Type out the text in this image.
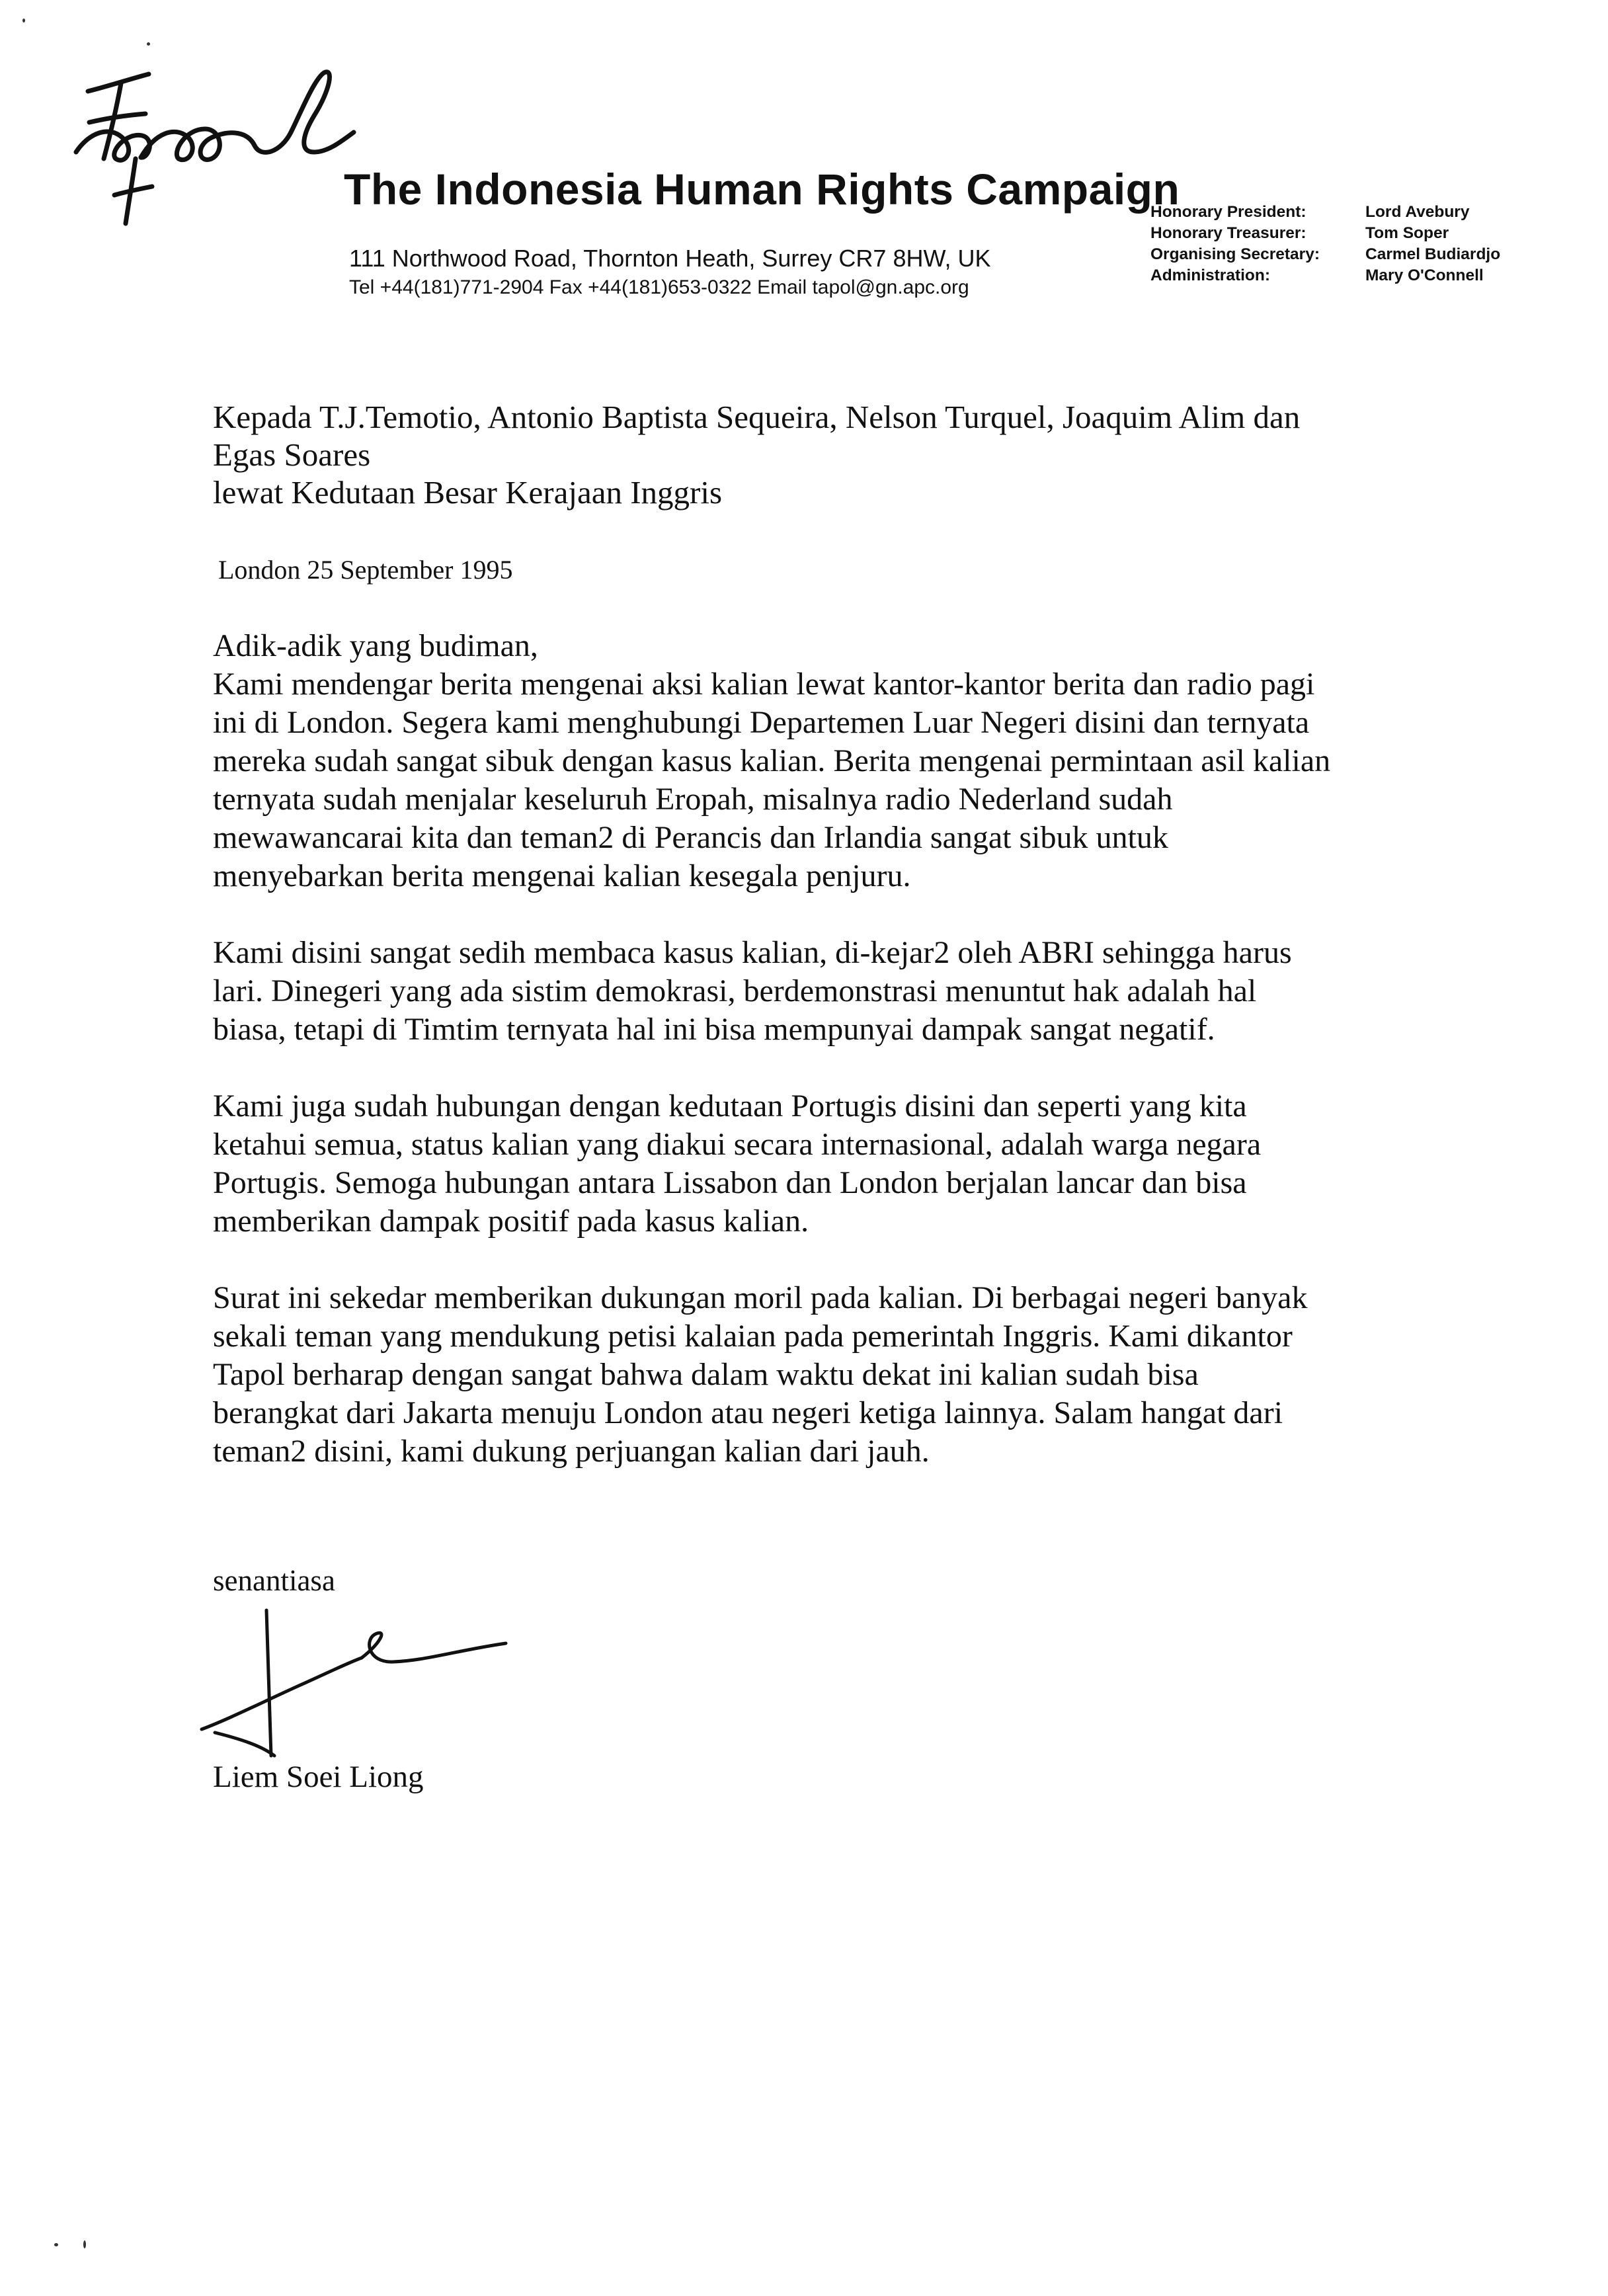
tapol
The Indonesia Human Rights Campaign
111 Northwood Road, Thornton Heath, Surrey CR7 8HW, UK
Tel +44(181)771-2904 Fax +44(181)653-0322 Email tapol@gn.apc.org
Honorary President:	Lord Avebury
Honorary Treasurer:	Tom Soper
Organising Secretary:	Carmel Budiardjo
Administration:	Mary O'Connell
Kepada T.J.Temotio, Antonio Baptista Sequeira, Nelson Turquel, Joaquim Alim dan
Egas Soares
lewat Kedutaan Besar Kerajaan Inggris
London 25 September 1995
Adik-adik yang budiman,
Kami mendengar berita mengenai aksi kalian lewat kantor-kantor berita dan radio pagi
ini di London. Segera kami menghubungi Departemen Luar Negeri disini dan ternyata
mereka sudah sangat sibuk dengan kasus kalian. Berita mengenai permintaan asil kalian
ternyata sudah menjalar keseluruh Eropah, misalnya radio Nederland sudah
mewawancarai kita dan teman2 di Perancis dan Irlandia sangat sibuk untuk
menyebarkan berita mengenai kalian kesegala penjuru.
Kami disini sangat sedih membaca kasus kalian, di-kejar2 oleh ABRI sehingga harus
lari. Dinegeri yang ada sistim demokrasi, berdemonstrasi menuntut hak adalah hal
biasa, tetapi di Timtim ternyata hal ini bisa mempunyai dampak sangat negatif.
Kami juga sudah hubungan dengan kedutaan Portugis disini dan seperti yang kita
ketahui semua, status kalian yang diakui secara internasional, adalah warga negara
Portugis. Semoga hubungan antara Lissabon dan London berjalan lancar dan bisa
memberikan dampak positif pada kasus kalian.
Surat ini sekedar memberikan dukungan moril pada kalian. Di berbagai negeri banyak
sekali teman yang mendukung petisi kalaian pada pemerintah Inggris. Kami dikantor
Tapol berharap dengan sangat bahwa dalam waktu dekat ini kalian sudah bisa
berangkat dari Jakarta menuju London atau negeri ketiga lainnya. Salam hangat dari
teman2 disini, kami dukung perjuangan kalian dari jauh.
senantiasa
Liem Soei Liong
